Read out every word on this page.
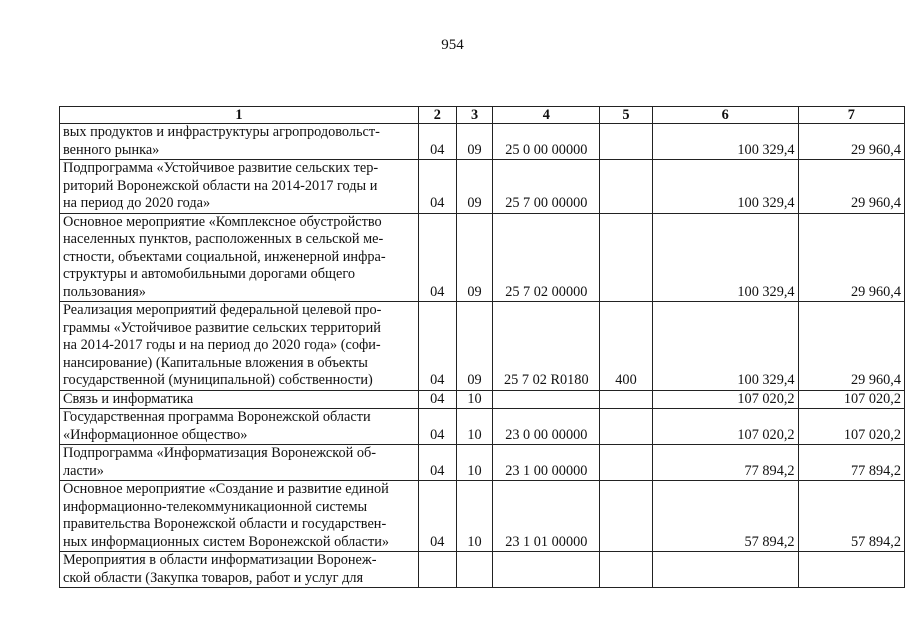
954
1	2	3	4	5	6	7
вых продуктов и инфраструктуры агропродовольст-
венного рынка»	04	09	25 0 00 00000		100 329,4	29 960,4
Подпрограмма «Устойчивое развитие сельских тер-
риторий Воронежской области на 2014-2017 годы и
на период до 2020 года»	04	09	25 7 00 00000		100 329,4	29 960,4
Основное мероприятие «Комплексное обустройство
населенных пунктов, расположенных в сельской ме-
стности, объектами социальной, инженерной инфра-
структуры и автомобильными дорогами общего
пользования»	04	09	25 7 02 00000		100 329,4	29 960,4
Реализация мероприятий федеральной целевой про-
граммы «Устойчивое развитие сельских территорий
на 2014-2017 годы и на период до 2020 года» (софи-
нансирование) (Капитальные вложения в объекты
государственной (муниципальной) собственности)	04	09	25 7 02 R0180	400	100 329,4	29 960,4
Связь и информатика	04	10			107 020,2	107 020,2
Государственная программа Воронежской области
«Информационное общество»	04	10	23 0 00 00000		107 020,2	107 020,2
Подпрограмма «Информатизация Воронежской об-
ласти»	04	10	23 1 00 00000		77 894,2	77 894,2
Основное мероприятие «Создание и развитие единой
информационно-телекоммуникационной системы
правительства Воронежской области и государствен-
ных информационных систем Воронежской области»	04	10	23 1 01 00000		57 894,2	57 894,2
Мероприятия в области информатизации Воронеж-
ской области (Закупка товаров, работ и услуг для						
